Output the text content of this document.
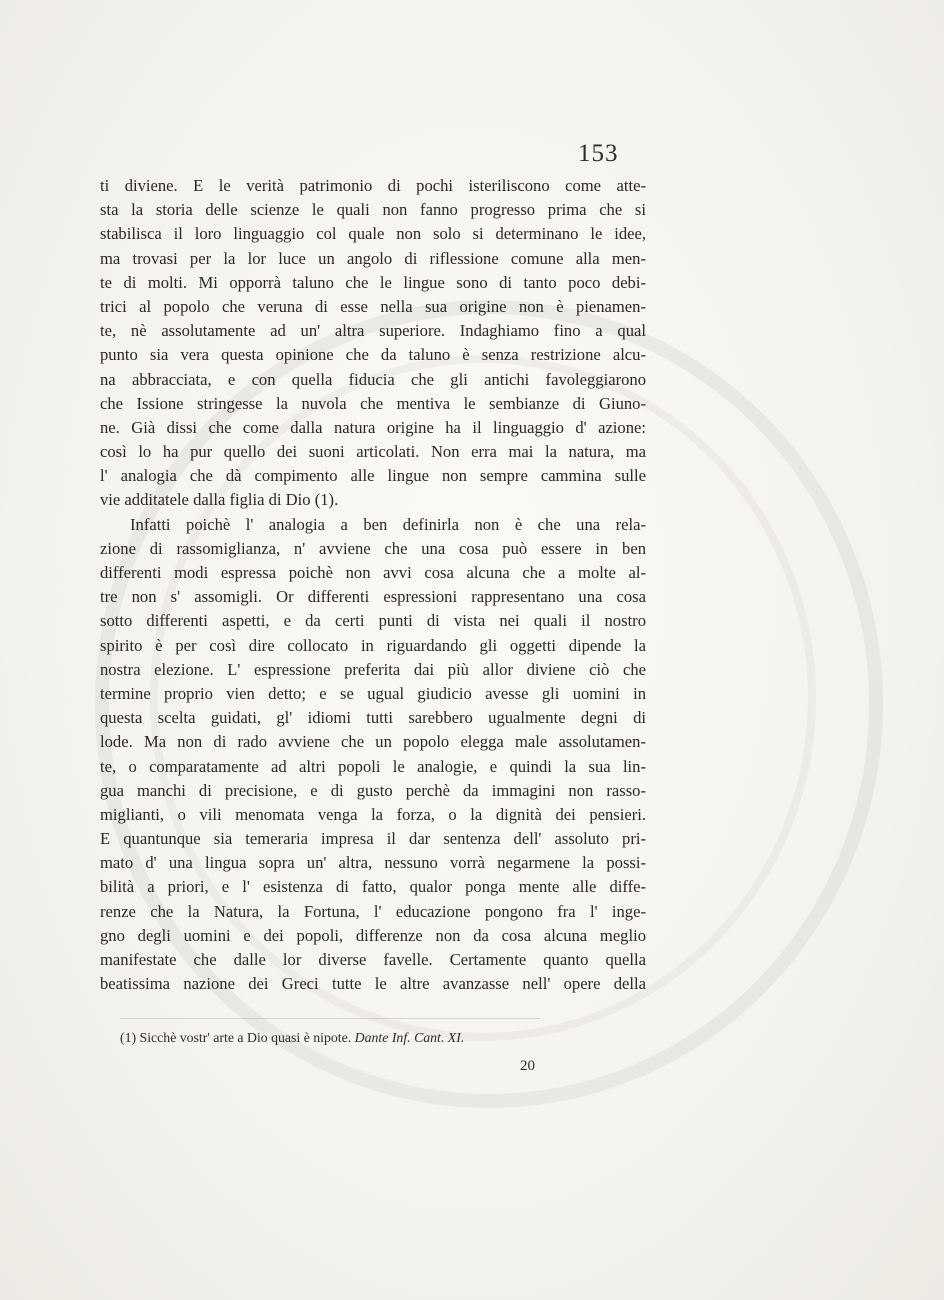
153
ti diviene. E le verità patrimonio di pochi isteriliscono come atte-
sta la storia delle scienze le quali non fanno progresso prima che si
stabilisca il loro linguaggio col quale non solo si determinano le idee,
ma trovasi per la lor luce un angolo di riflessione comune alla men-
te di molti. Mi opporrà taluno che le lingue sono di tanto poco debi-
trici al popolo che veruna di esse nella sua origine non è pienamen-
te, nè assolutamente ad un' altra superiore. Indaghiamo fino a qual
punto sia vera questa opinione che da taluno è senza restrizione alcu-
na abbracciata, e con quella fiducia che gli antichi favoleggiarono
che Issione stringesse la nuvola che mentiva le sembianze di Giuno-
ne. Già dissi che come dalla natura origine ha il linguaggio d' azione:
così lo ha pur quello dei suoni articolati. Non erra mai la natura, ma
l' analogia che dà compimento alle lingue non sempre cammina sulle
vie additatele dalla figlia di Dio (1).
Infatti poichè l' analogia a ben definirla non è che una rela-
zione di rassomiglianza, n' avviene che una cosa può essere in ben
differenti modi espressa poichè non avvi cosa alcuna che a molte al-
tre non s' assomigli. Or differenti espressioni rappresentano una cosa
sotto differenti aspetti, e da certi punti di vista nei quali il nostro
spirito è per così dire collocato in riguardando gli oggetti dipende la
nostra elezione. L' espressione preferita dai più allor diviene ciò che
termine proprio vien detto; e se ugual giudicio avesse gli uomini in
questa scelta guidati, gl' idiomi tutti sarebbero ugualmente degni di
lode. Ma non di rado avviene che un popolo elegga male assolutamen-
te, o comparatamente ad altri popoli le analogie, e quindi la sua lin-
gua manchi di precisione, e di gusto perchè da immagini non rasso-
miglianti, o vili menomata venga la forza, o la dignità dei pensieri.
E quantunque sia temeraria impresa il dar sentenza dell' assoluto pri-
mato d' una lingua sopra un' altra, nessuno vorrà negarmene la possi-
bilità a priori, e l' esistenza di fatto, qualor ponga mente alle diffe-
renze che la Natura, la Fortuna, l' educazione pongono fra l' inge-
gno degli uomini e dei popoli, differenze non da cosa alcuna meglio
manifestate che dalle lor diverse favelle. Certamente quanto quella
beatissima nazione dei Greci tutte le altre avanzasse nell' opere della
(1) Sicchè vostr' arte a Dio quasi è nipote. Dante Inf. Cant. XI.
20
